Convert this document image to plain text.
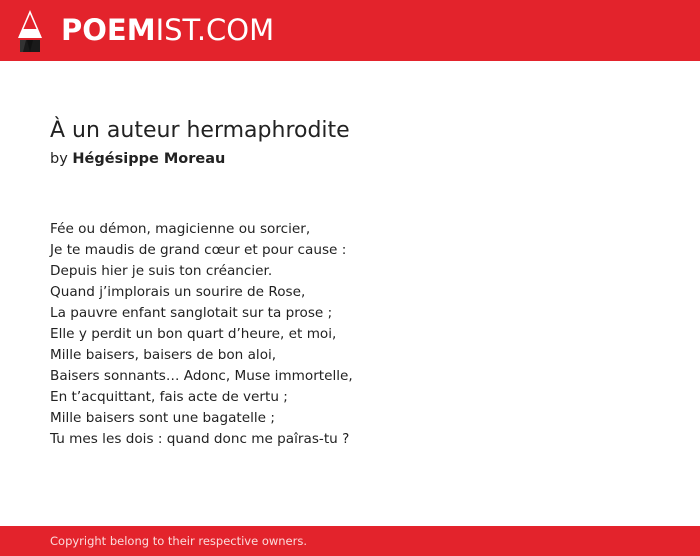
POEMIST.COM
À un auteur hermaphrodite
by Hégésippe Moreau
Fée ou démon, magicienne ou sorcier,
Je te maudis de grand cœur et pour cause :
Depuis hier je suis ton créancier.
Quand j’implorais un sourire de Rose,
La pauvre enfant sanglotait sur ta prose ;
Elle y perdit un bon quart d’heure, et moi,
Mille baisers, baisers de bon aloi,
Baisers sonnants… Adonc, Muse immortelle,
En t’acquittant, fais acte de vertu ;
Mille baisers sont une bagatelle ;
Tu mes les dois : quand donc me paîras-tu ?
Copyright belong to their respective owners.
